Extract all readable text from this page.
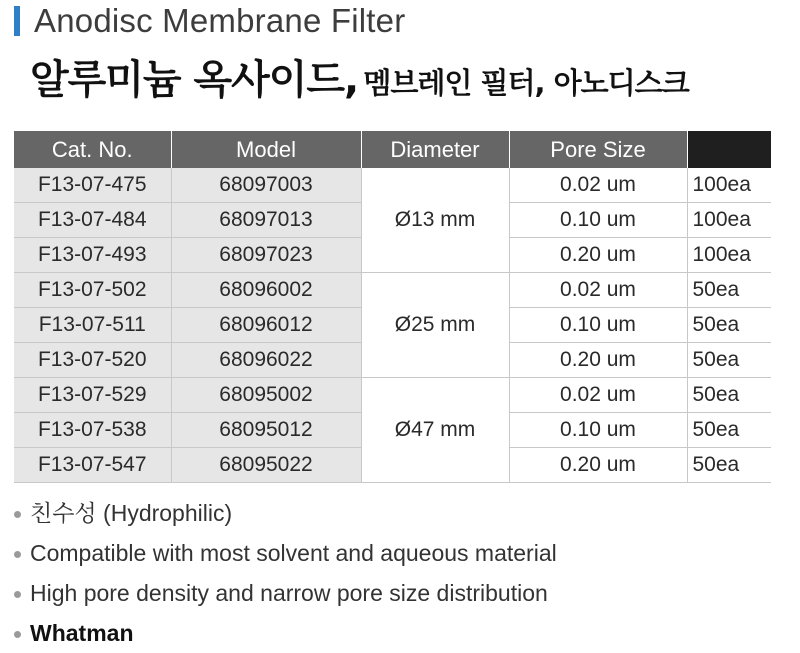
Anodisc Membrane Filter
알루미늄 옥사이드, 멤브레인 필터, 아노디스크
Cat. No.	Model	Diameter	Pore Size	
F13-07-475	68097003	Ø13 mm	0.02 um	100ea
F13-07-484	68097013		0.10 um	100ea
F13-07-493	68097023		0.20 um	100ea
F13-07-502	68096002	Ø25 mm	0.02 um	50ea
F13-07-511	68096012		0.10 um	50ea
F13-07-520	68096022		0.20 um	50ea
F13-07-529	68095002	Ø47 mm	0.02 um	50ea
F13-07-538	68095012		0.10 um	50ea
F13-07-547	68095022		0.20 um	50ea
친수성 (Hydrophilic)
Compatible with most solvent and aqueous material
High pore density and narrow pore size distribution
Whatman
